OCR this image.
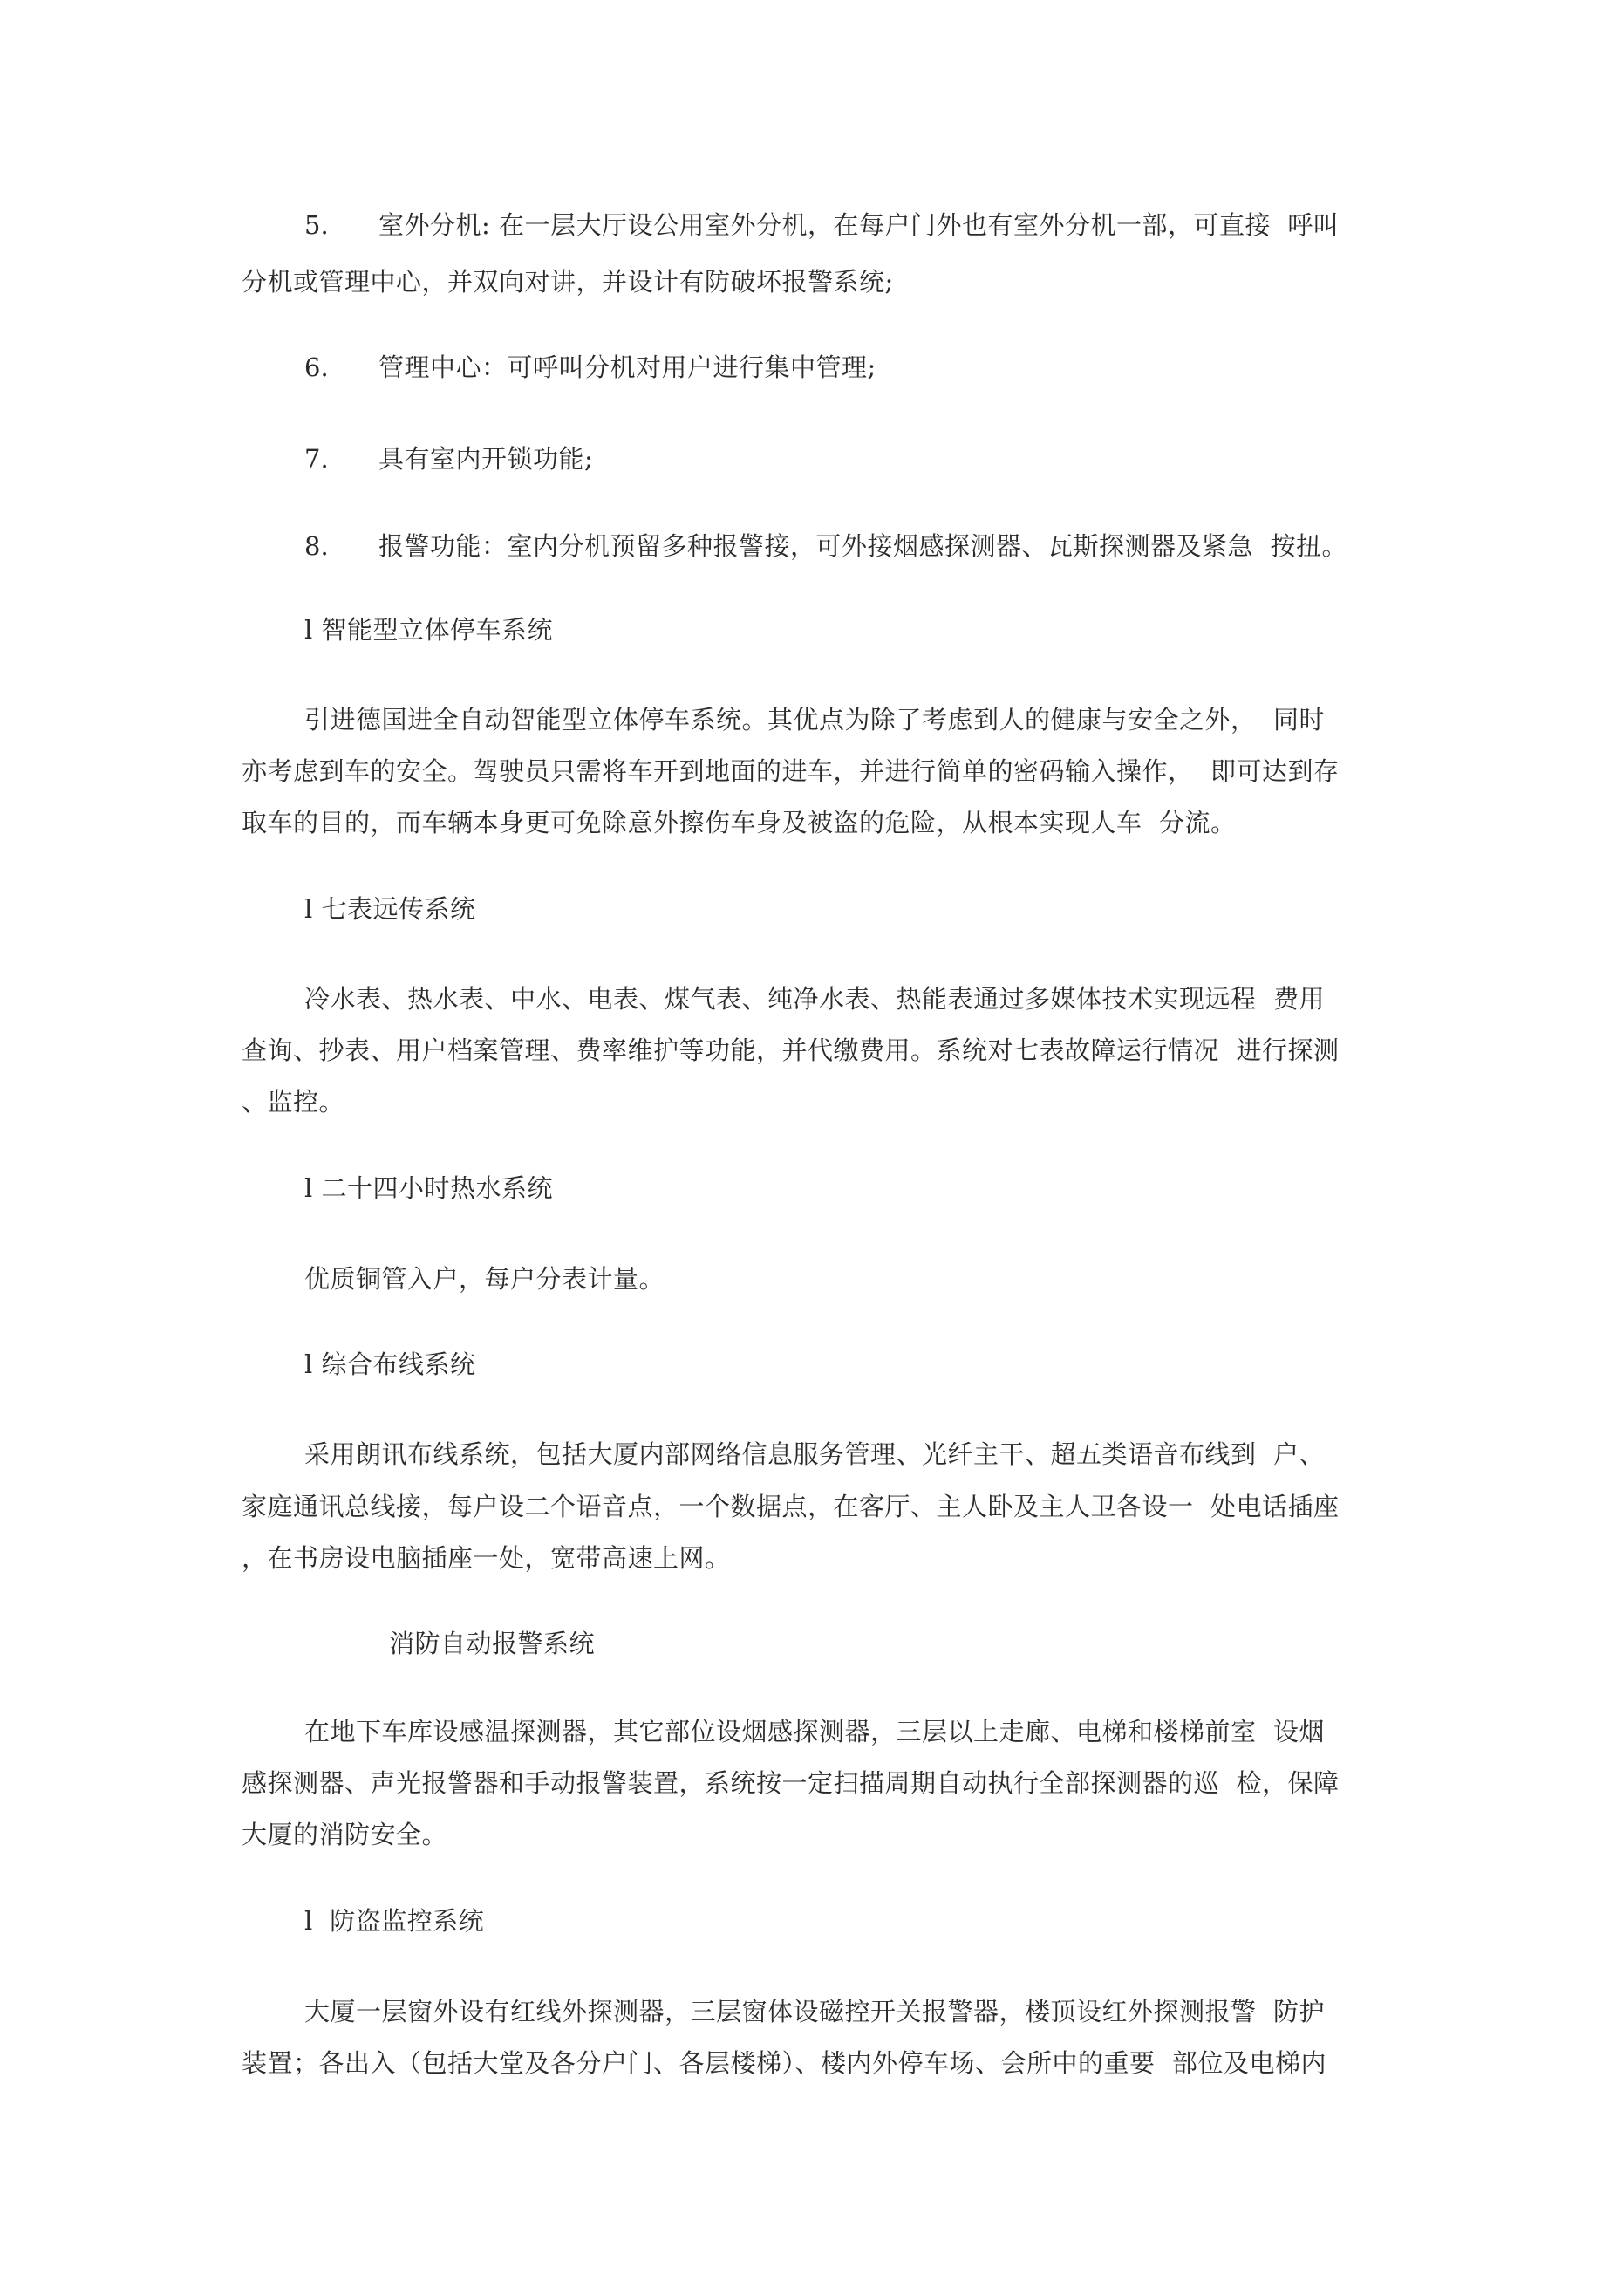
5. 室外分机: 在一层大厅设公用室外分机，在每户门外也有室外分机一部，可直接  呼叫
分机或管理中心，并双向对讲，并设计有防破坏报警系统;
6. 管理中心：可呼叫分机对用户进行集中管理;
7. 具有室内开锁功能;
8. 报警功能：室内分机预留多种报警接，可外接烟感探测器、瓦斯探测器及紧急  按扭。
l 智能型立体停车系统
引进德国进全自动智能型立体停车系统。其优点为除了考虑到人的健康与安全之外，  同时
亦考虑到车的安全。驾驶员只需将车开到地面的进车，并进行简单的密码输入操作，  即可达到存
取车的目的，而车辆本身更可免除意外擦伤车身及被盗的危险，从根本实现人车  分流。
l 七表远传系统
冷水表、热水表、中水、电表、煤气表、纯净水表、热能表通过多媒体技术实现远程  费用
查询、抄表、用户档案管理、费率维护等功能，并代缴费用。系统对七表故障运行情况  进行探测
、监控。
l 二十四小时热水系统
优质铜管入户，每户分表计量。
l 综合布线系统
采用朗讯布线系统，包括大厦内部网络信息服务管理、光纤主干、超五类语音布线到  户、
家庭通讯总线接，每户设二个语音点，一个数据点，在客厅、主人卧及主人卫各设一  处电话插座
，在书房设电脑插座一处，宽带高速上网。
消防自动报警系统
在地下车库设感温探测器，其它部位设烟感探测器，三层以上走廊、电梯和楼梯前室  设烟
感探测器、声光报警器和手动报警装置，系统按一定扫描周期自动执行全部探测器的巡  检，保障
大厦的消防安全。
l  防盗监控系统
大厦一层窗外设有红线外探测器，三层窗体设磁控开关报警器，楼顶设红外探测报警  防护
装置；各出入（包括大堂及各分户门、各层楼梯）、楼内外停车场、会所中的重要  部位及电梯内
